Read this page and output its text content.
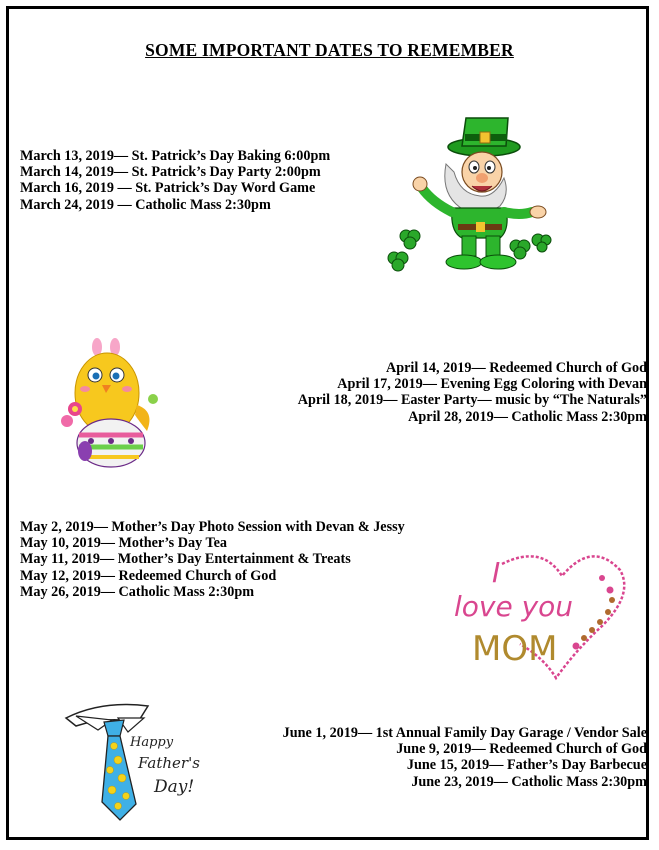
SOME IMPORTANT DATES TO REMEMBER
March 13, 2019— St. Patrick’s Day Baking 6:00pm
March 14, 2019— St. Patrick’s Day Party 2:00pm
March 16, 2019 — St. Patrick’s Day Word Game
March 24, 2019 — Catholic Mass 2:30pm
April 14, 2019— Redeemed Church of God
April 17, 2019— Evening Egg Coloring with Devan
April 18, 2019— Easter Party— music by “The Naturals”
April 28, 2019— Catholic Mass 2:30pm
May 2, 2019— Mother’s Day Photo Session with Devan & Jessy
May 10, 2019— Mother’s Day Tea
May 11, 2019— Mother’s Day Entertainment & Treats
May 12, 2019— Redeemed Church of God
May 26, 2019— Catholic Mass 2:30pm
June 1, 2019— 1st Annual Family Day Garage / Vendor Sale
June 9, 2019— Redeemed Church of God
June 15, 2019— Father’s Day Barbecue
June 23, 2019— Catholic Mass 2:30pm
I
love you
MOM
Happy
Father's
Day!
